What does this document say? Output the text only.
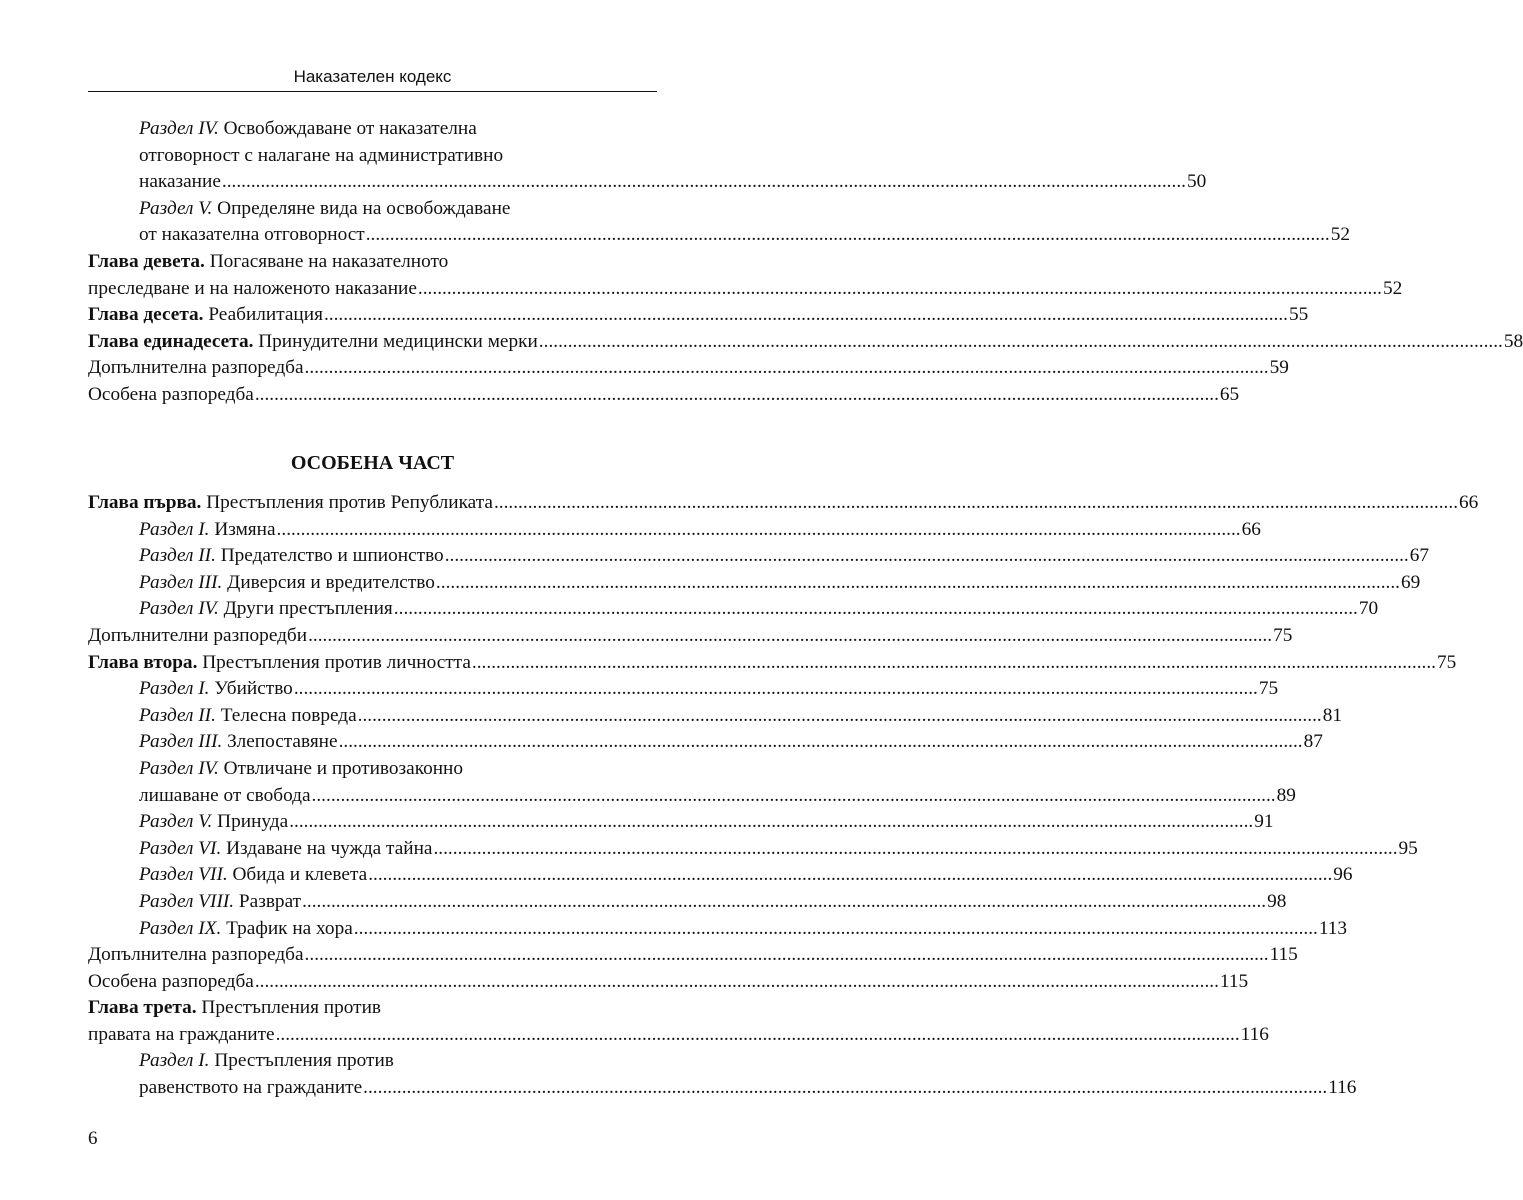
Наказателен кодекс
Раздел IV. Освобождаване от наказателна
отговорност с налагане на административно
наказание ........................................................................................................................................................................................................ 50
Раздел V. Определяне вида на освобождаване
от наказателна отговорност ........................................................................................................................................................................................................ 52
Глава девета. Погасяване на наказателното
преследване и на наложеното наказание ........................................................................................................................................................................................................ 52
Глава десета. Реабилитация ........................................................................................................................................................................................................ 55
Глава единадесета. Принудителни медицински мерки ........................................................................................................................................................................................................ 58
Допълнителна разпоредба ........................................................................................................................................................................................................ 59
Особена разпоредба ........................................................................................................................................................................................................ 65
ОСОБЕНА ЧАСТ
Глава първа. Престъпления против Републиката ........................................................................................................................................................................................................ 66
Раздел I. Измяна ........................................................................................................................................................................................................ 66
Раздел II. Предателство и шпионство ........................................................................................................................................................................................................ 67
Раздел III. Диверсия и вредителство ........................................................................................................................................................................................................ 69
Раздел IV. Други престъпления ........................................................................................................................................................................................................ 70
Допълнителни разпоредби ........................................................................................................................................................................................................ 75
Глава втора. Престъпления против личността ........................................................................................................................................................................................................ 75
Раздел I. Убийство ........................................................................................................................................................................................................ 75
Раздел II. Телесна повреда ........................................................................................................................................................................................................ 81
Раздел III. Злепоставяне ........................................................................................................................................................................................................ 87
Раздел IV. Отвличане и противозаконно
лишаване от свобода ........................................................................................................................................................................................................ 89
Раздел V. Принуда ........................................................................................................................................................................................................ 91
Раздел VI. Издаване на чужда тайна ........................................................................................................................................................................................................ 95
Раздел VII. Обида и клевета ........................................................................................................................................................................................................ 96
Раздел VIII. Разврат ........................................................................................................................................................................................................ 98
Раздел IX. Трафик на хора ........................................................................................................................................................................................................ 113
Допълнителна разпоредба ........................................................................................................................................................................................................ 115
Особена разпоредба ........................................................................................................................................................................................................ 115
Глава трета. Престъпления против
правата на гражданите ........................................................................................................................................................................................................ 116
Раздел I. Престъпления против
равенството на гражданите ........................................................................................................................................................................................................ 116
6
